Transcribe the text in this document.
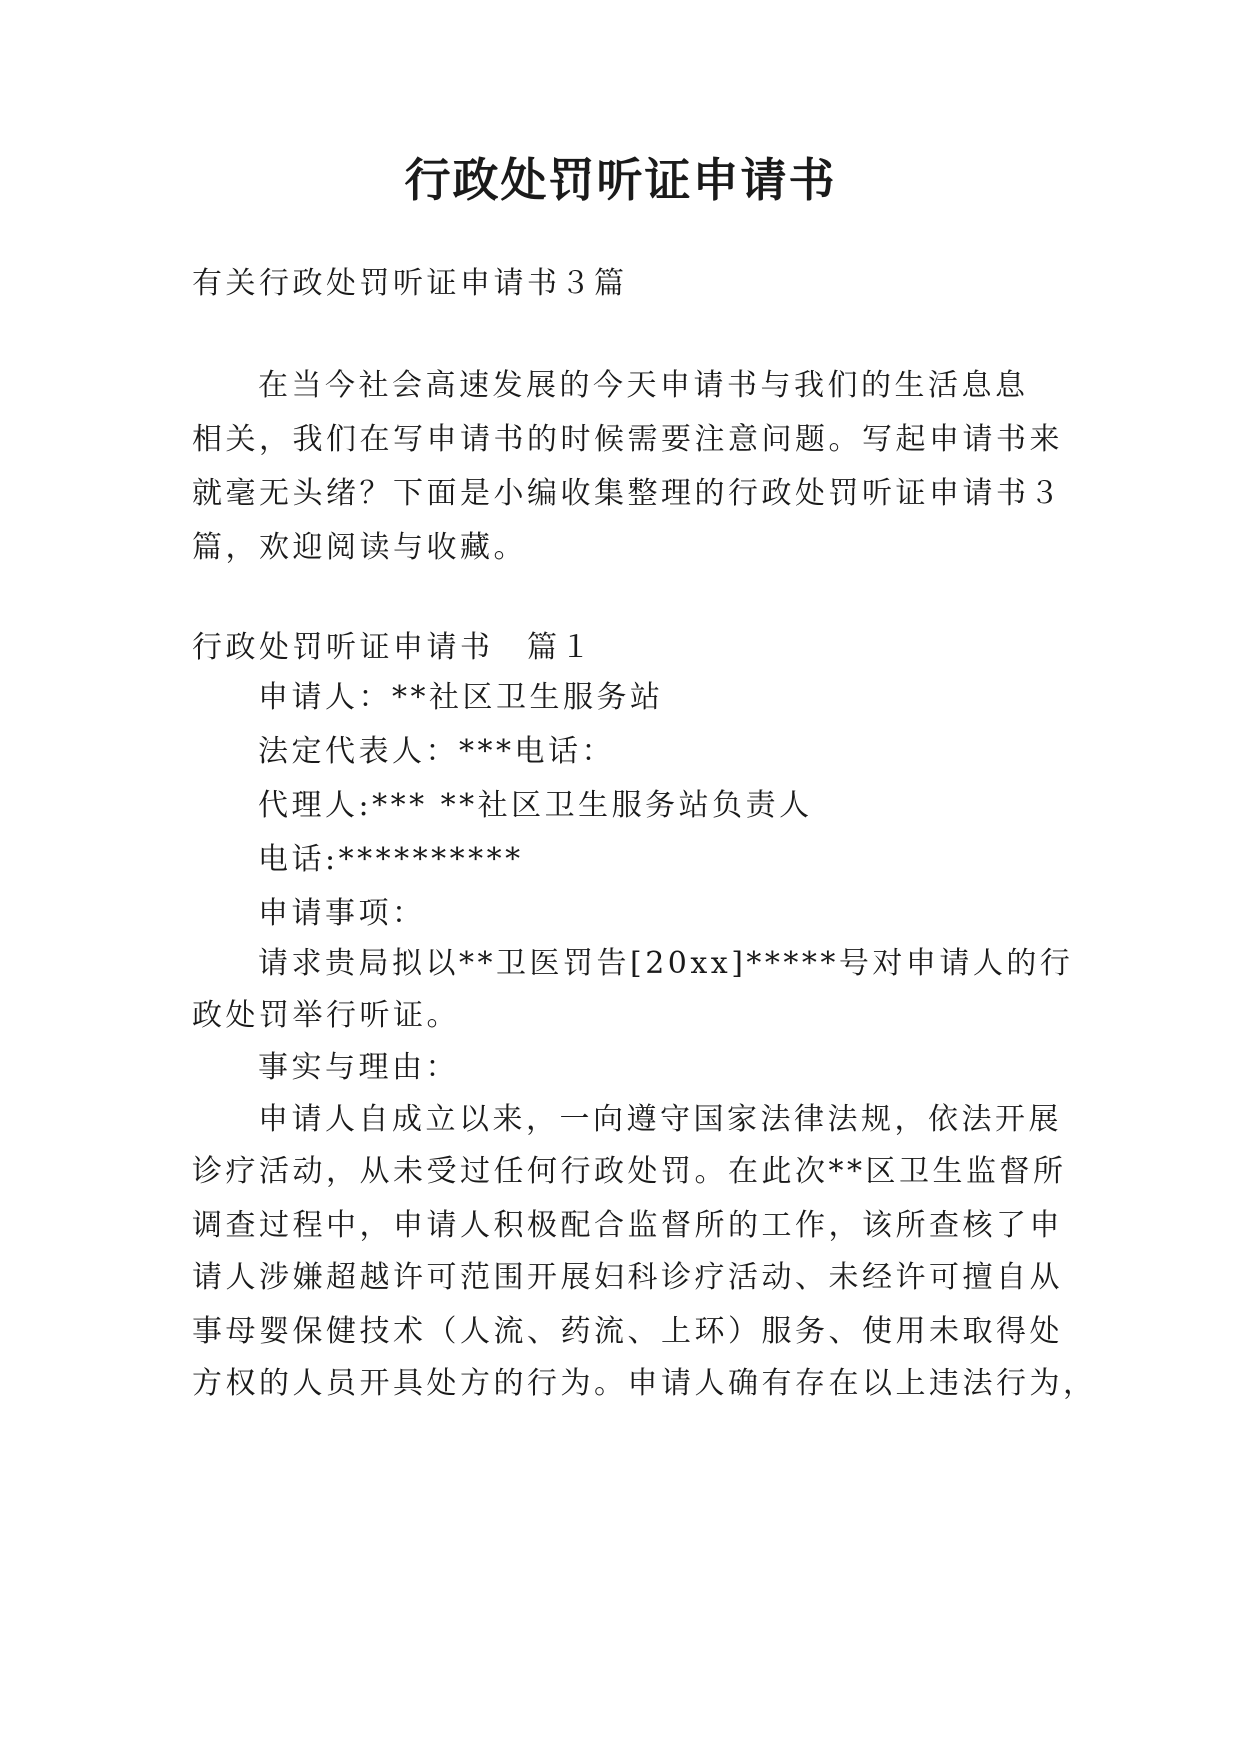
行政处罚听证申请书
有关行政处罚听证申请书３篇
在当今社会高速发展的今天申请书与我们的生活息息
相关，我们在写申请书的时候需要注意问题。写起申请书来
就毫无头绪？下面是小编收集整理的行政处罚听证申请书３
篇，欢迎阅读与收藏。
行政处罚听证申请书　篇１
申请人：**社区卫生服务站
法定代表人：***电话：
代理人:*** **社区卫生服务站负责人
电话:**********
申请事项：
请求贵局拟以**卫医罚告[20xx]*****号对申请人的行
政处罚举行听证。
事实与理由：
申请人自成立以来，一向遵守国家法律法规，依法开展
诊疗活动，从未受过任何行政处罚。在此次**区卫生监督所
调查过程中，申请人积极配合监督所的工作，该所查核了申
请人涉嫌超越许可范围开展妇科诊疗活动、未经许可擅自从
事母婴保健技术（人流、药流、上环）服务、使用未取得处
方权的人员开具处方的行为。申请人确有存在以上违法行为，
